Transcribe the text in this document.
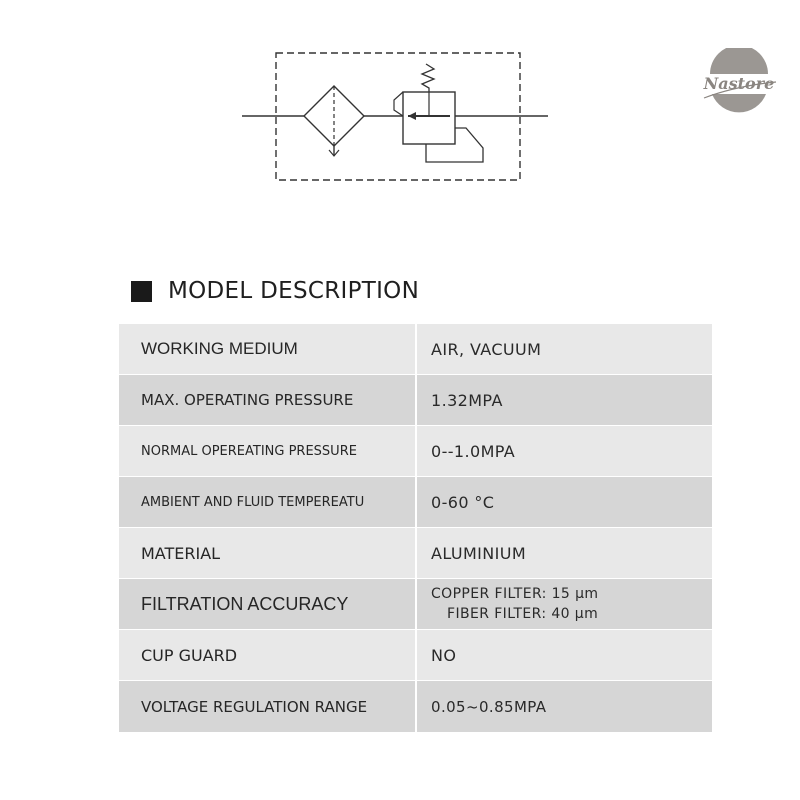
Nastore
MODEL DESCRIPTION
WORKING MEDIUM	AIR, VACUUM
MAX. OPERATING PRESSURE	1.32MPA
NORMAL OPEREATING PRESSURE	0--1.0MPA
AMBIENT AND FLUID TEMPEREATU	0-60 °C
MATERIAL	ALUMINIUM
FILTRATION ACCURACY	COPPER FILTER: 15 μm
FIBER FILTER: 40 μm
CUP GUARD	NO
VOLTAGE REGULATION RANGE	0.05~0.85MPA
